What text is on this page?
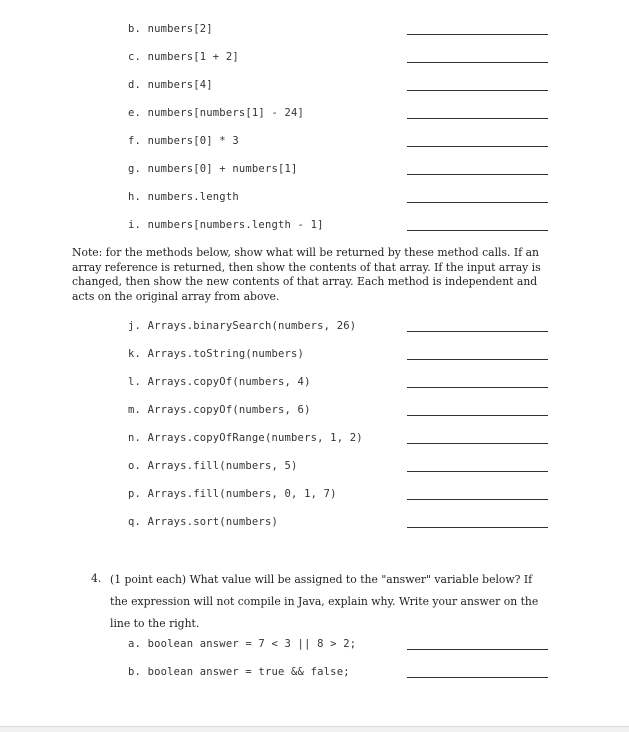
b. numbers[2]
c. numbers[1 + 2]
d. numbers[4]
e. numbers[numbers[1] - 24]
f. numbers[0] * 3
g. numbers[0] + numbers[1]
h. numbers.length
i. numbers[numbers.length - 1]
Note: for the methods below, show what will be returned by these method calls. If an array reference is returned, then show the contents of that array. If the input array is changed, then show the new contents of that array. Each method is independent and acts on the original array from above.
j. Arrays.binarySearch(numbers, 26)
k. Arrays.toString(numbers)
l. Arrays.copyOf(numbers, 4)
m. Arrays.copyOf(numbers, 6)
n. Arrays.copyOfRange(numbers, 1, 2)
o. Arrays.fill(numbers, 5)
p. Arrays.fill(numbers, 0, 1, 7)
q. Arrays.sort(numbers)
4. (1 point each) What value will be assigned to the "answer" variable below? If the expression will not compile in Java, explain why. Write your answer on the line to the right.
a. boolean answer = 7 < 3 || 8 > 2;
b. boolean answer = true && false;
